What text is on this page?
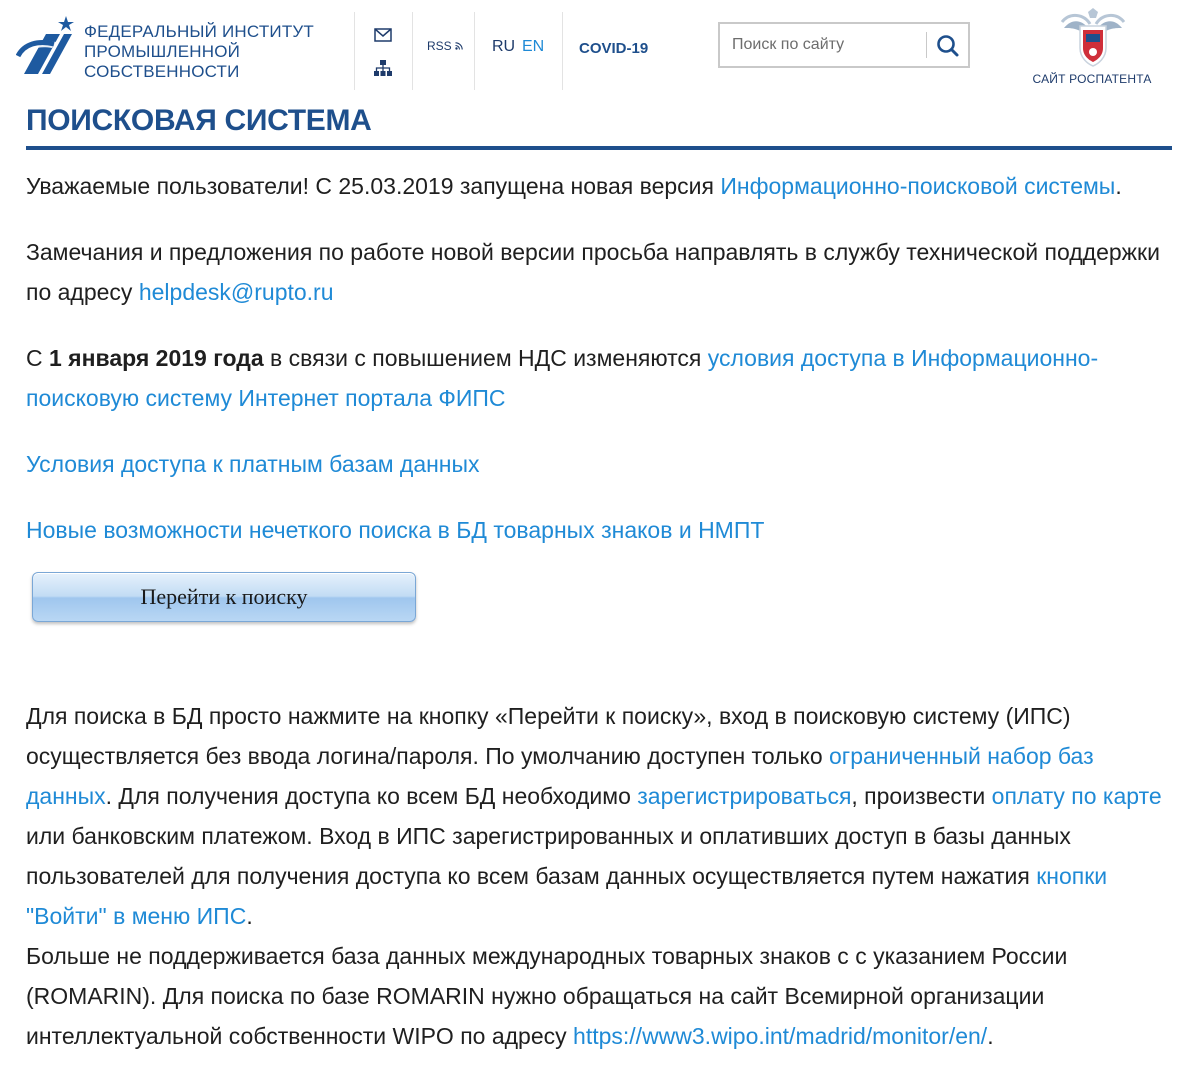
ФЕДЕРАЛЬНЫЙ ИНСТИТУТ
ПРОМЫШЛЕННОЙ
СОБСТВЕННОСТИ
RSS	RU EN COVID-19
Поиск по сайту
САЙТ РОСПАТЕНТА
ПОИСКОВАЯ СИСТЕМА

Уважаемые пользователи! С 25.03.2019 запущена новая версия Информационно-поисковой системы.

Замечания и предложения по работе новой версии просьба направлять в службу технической поддержки по адресу helpdesk@rupto.ru

С 1 января 2019 года в связи с повышением НДС изменяются условия доступа в Информационно-поисковую систему Интернет портала ФИПС

Условия доступа к платным базам данных

Новые возможности нечеткого поиска в БД товарных знаков и НМПТ

Перейти к поиску

Для поиска в БД просто нажмите на кнопку «Перейти к поиску», вход в поисковую систему (ИПС) осуществляется без ввода логина/пароля. По умолчанию доступен только ограниченный набор баз данных. Для получения доступа ко всем БД необходимо зарегистрироваться, произвести оплату по карте или банковским платежом. Вход в ИПС зарегистрированных и оплативших доступ в базы данных пользователей для получения доступа ко всем базам данных осуществляется путем нажатия кнопки "Войти" в меню ИПС.

Больше не поддерживается база данных международных товарных знаков с с указанием России (ROMARIN). Для поиска по базе ROMARIN нужно обращаться на сайт Всемирной организации интеллектуальной собственности WIPO по адресу https://www3.wipo.int/madrid/monitor/en/.
